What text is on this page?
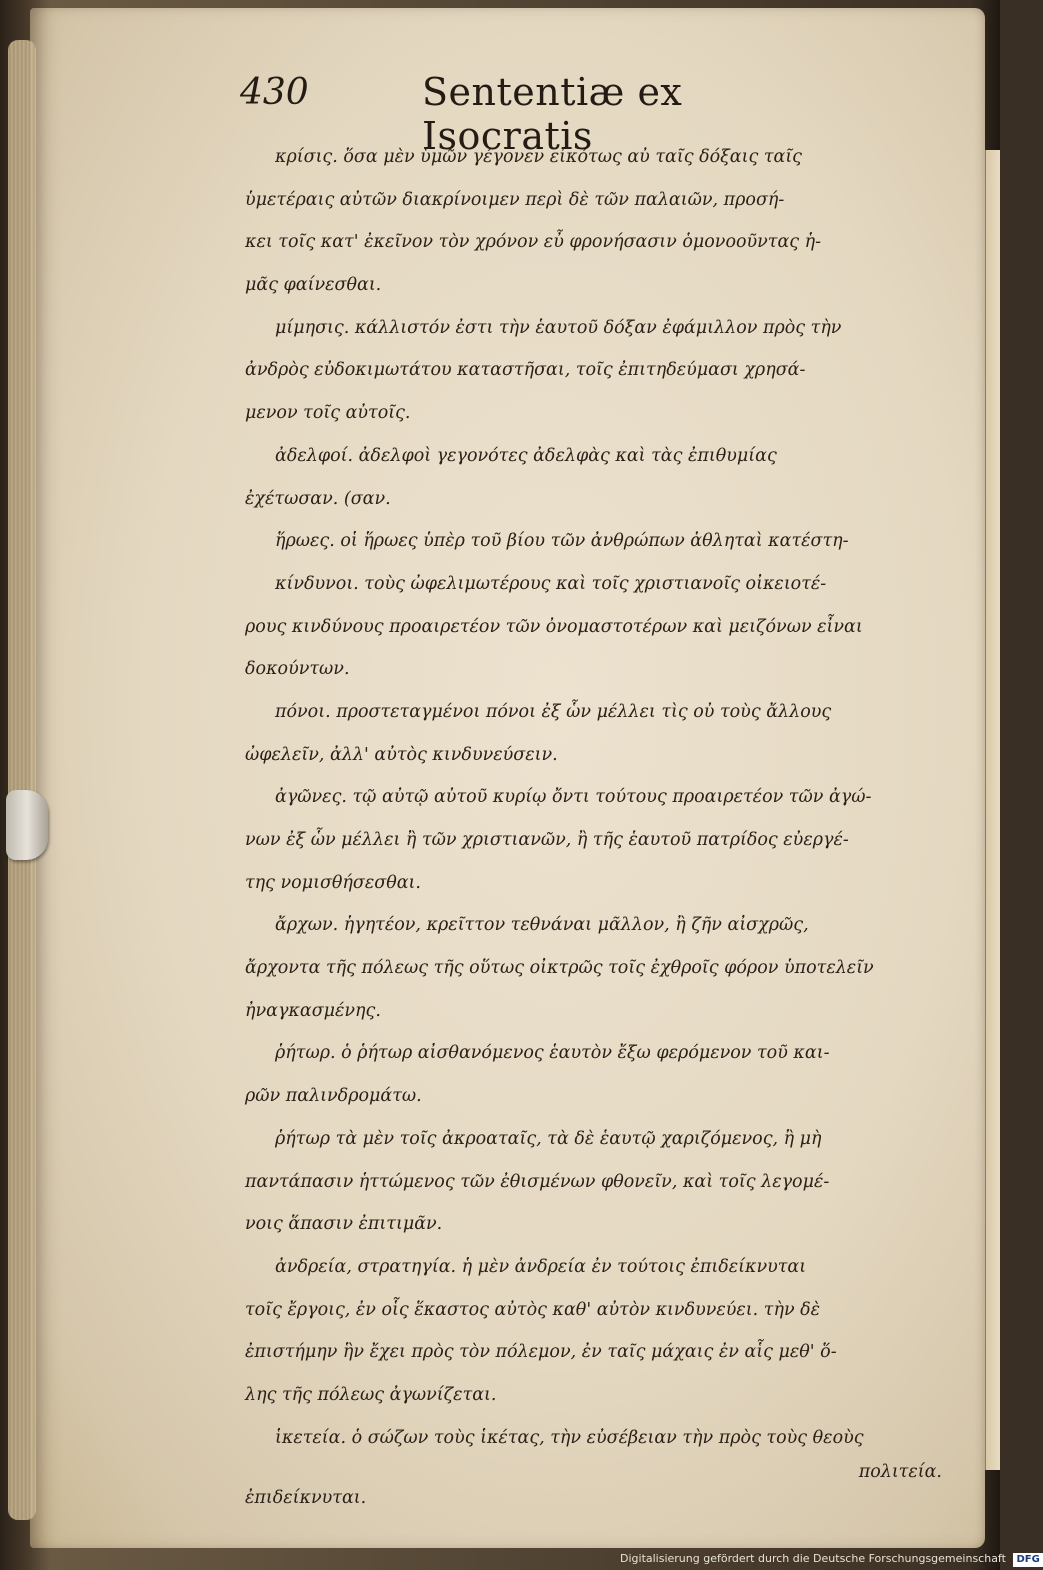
430	Sententiæ ex Isocratis
κρίσις. ὅσα μὲν ὑμῶν γέγονεν εἰκότως αὐ ταῖς δόξαις ταῖς
ὑμετέραις αὐτῶν διακρίνοιμεν περὶ δὲ τῶν παλαιῶν, προσή-
κει τοῖς κατ' ἐκεῖνον τὸν χρόνον εὖ φρονήσασιν ὁμονοοῦντας ἡ-
μᾶς φαίνεσθαι.
μίμησις. κάλλιστόν ἐστι τὴν ἑαυτοῦ δόξαν ἐφάμιλλον πρὸς τὴν
ἀνδρὸς εὐδοκιμωτάτου καταστῆσαι, τοῖς ἐπιτηδεύμασι χρησά-
μενον τοῖς αὐτοῖς.
ἀδελφοί. ἀδελφοὶ γεγονότες ἀδελφὰς καὶ τὰς ἐπιθυμίας
ἐχέτωσαν. (σαν.
ἥρωες. οἱ ἥρωες ὑπὲρ τοῦ βίου τῶν ἀνθρώπων ἀθληταὶ κατέστη-
κίνδυνοι. τοὺς ὠφελιμωτέρους καὶ τοῖς χριστιανοῖς οἰκειοτέ-
ρους κινδύνους προαιρετέον τῶν ὀνομαστοτέρων καὶ μειζόνων εἶναι
δοκούντων.
πόνοι. προστεταγμένοι πόνοι ἐξ ὧν μέλλει τὶς οὐ τοὺς ἄλλους
ὠφελεῖν, ἀλλ' αὐτὸς κινδυνεύσειν.
ἀγῶνες. τῷ αὐτῷ αὐτοῦ κυρίῳ ὄντι τούτους προαιρετέον τῶν ἀγώ-
νων ἐξ ὧν μέλλει ἢ τῶν χριστιανῶν, ἢ τῆς ἑαυτοῦ πατρίδος εὐεργέ-
της νομισθήσεσθαι.
ἄρχων. ἡγητέον, κρεῖττον τεθνάναι μᾶλλον, ἢ ζῆν αἰσχρῶς,
ἄρχοντα τῆς πόλεως τῆς οὕτως οἰκτρῶς τοῖς ἐχθροῖς φόρον ὑποτελεῖν
ἠναγκασμένης.
ῥήτωρ. ὁ ῥήτωρ αἰσθανόμενος ἑαυτὸν ἔξω φερόμενον τοῦ και-
ρῶν παλινδρομάτω.
ῥήτωρ τὰ μὲν τοῖς ἀκροαταῖς, τὰ δὲ ἑαυτῷ χαριζόμενος, ἢ μὴ
παντάπασιν ἡττώμενος τῶν ἐθισμένων φθονεῖν, καὶ τοῖς λεγομέ-
νοις ἅπασιν ἐπιτιμᾶν.
ἀνδρεία, στρατηγία. ἡ μὲν ἀνδρεία ἐν τούτοις ἐπιδείκνυται
τοῖς ἔργοις, ἐν οἷς ἕκαστος αὐτὸς καθ' αὐτὸν κινδυνεύει. τὴν δὲ
ἐπιστήμην ἣν ἔχει πρὸς τὸν πόλεμον, ἐν ταῖς μάχαις ἐν αἷς μεθ' ὅ-
λης τῆς πόλεως ἀγωνίζεται.
ἱκετεία. ὁ σώζων τοὺς ἱκέτας, τὴν εὐσέβειαν τὴν πρὸς τοὺς θεοὺς
πολιτεία.
ἐπιδείκνυται.
Digitalisierung gefördert durch die Deutsche Forschungsgemeinschaft DFG
